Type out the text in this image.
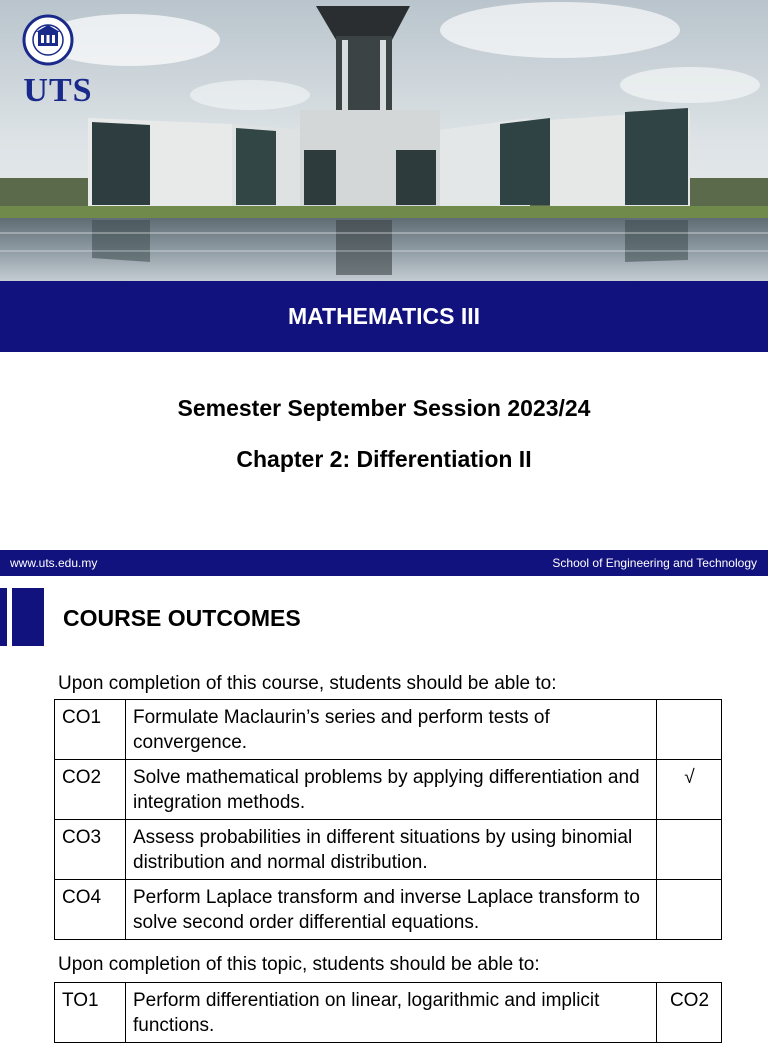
UTS
MATHEMATICS III
Semester September Session 2023/24
Chapter 2: Differentiation II
www.uts.edu.my	School of Engineering and Technology
COURSE OUTCOMES
Upon completion of this course, students should be able to:
CO1	Formulate Maclaurin’s series and perform tests of convergence.	
CO2	Solve mathematical problems by applying differentiation and integration methods.	√
CO3	Assess probabilities in different situations by using binomial distribution and normal distribution.	
CO4	Perform Laplace transform and inverse Laplace transform to solve second order differential equations.	
Upon completion of this topic, students should be able to:
TO1	Perform differentiation on linear, logarithmic and implicit functions.	CO2
